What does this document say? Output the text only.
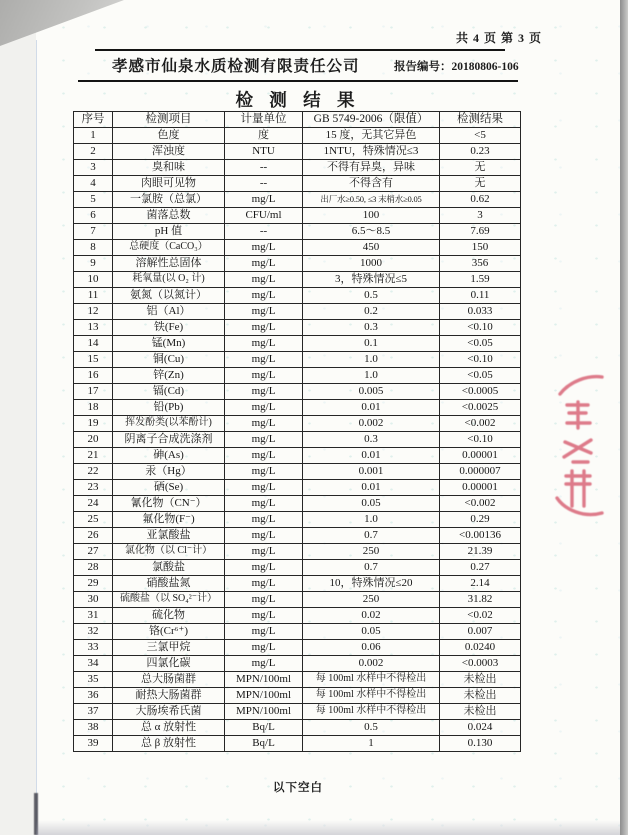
共 4 页 第 3 页
孝感市仙泉水质检测有限责任公司	报告编号：20180806-106
检 测 结 果
序号	检测项目	计量单位	GB 5749-2006（限值）	检测结果
1	色度	度	15 度，无其它异色	<5
2	浑浊度	NTU	1NTU，特殊情况≤3	0.23
3	臭和味	--	不得有异臭，异味	无
4	肉眼可见物	--	不得含有	无
5	一氯胺（总氯）	mg/L	出厂水≥0.50, ≤3 末梢水≥0.05	0.62
6	菌落总数	CFU/ml	100	3
7	pH 值	--	6.5～8.5	7.69
8	总硬度（CaCO₃）	mg/L	450	150
9	溶解性总固体	mg/L	1000	356
10	耗氧量(以 O₂ 计)	mg/L	3，特殊情况≤5	1.59
11	氨氮（以氮计）	mg/L	0.5	0.11
12	铝（Al）	mg/L	0.2	0.033
13	铁(Fe)	mg/L	0.3	<0.10
14	锰(Mn)	mg/L	0.1	<0.05
15	铜(Cu)	mg/L	1.0	<0.10
16	锌(Zn)	mg/L	1.0	<0.05
17	镉(Cd)	mg/L	0.005	<0.0005
18	铅(Pb)	mg/L	0.01	<0.0025
19	挥发酚类(以苯酚计)	mg/L	0.002	<0.002
20	阴离子合成洗涤剂	mg/L	0.3	<0.10
21	砷(As)	mg/L	0.01	0.00001
22	汞（Hg）	mg/L	0.001	0.000007
23	硒(Se)	mg/L	0.01	0.00001
24	氰化物（CN⁻）	mg/L	0.05	<0.002
25	氟化物(F⁻)	mg/L	1.0	0.29
26	亚氯酸盐	mg/L	0.7	<0.00136
27	氯化物（以 Cl⁻计）	mg/L	250	21.39
28	氯酸盐	mg/L	0.7	0.27
29	硝酸盐氮	mg/L	10，特殊情况≤20	2.14
30	硫酸盐（以 SO₄²⁻计）	mg/L	250	31.82
31	硫化物	mg/L	0.02	<0.02
32	铬(Cr⁶⁺)	mg/L	0.05	0.007
33	三氯甲烷	mg/L	0.06	0.0240
34	四氯化碳	mg/L	0.002	<0.0003
35	总大肠菌群	MPN/100ml	每 100ml 水样中不得检出	未检出
36	耐热大肠菌群	MPN/100ml	每 100ml 水样中不得检出	未检出
37	大肠埃希氏菌	MPN/100ml	每 100ml 水样中不得检出	未检出
38	总 α 放射性	Bq/L	0.5	0.024
39	总 β 放射性	Bq/L	1	0.130
以下空白
